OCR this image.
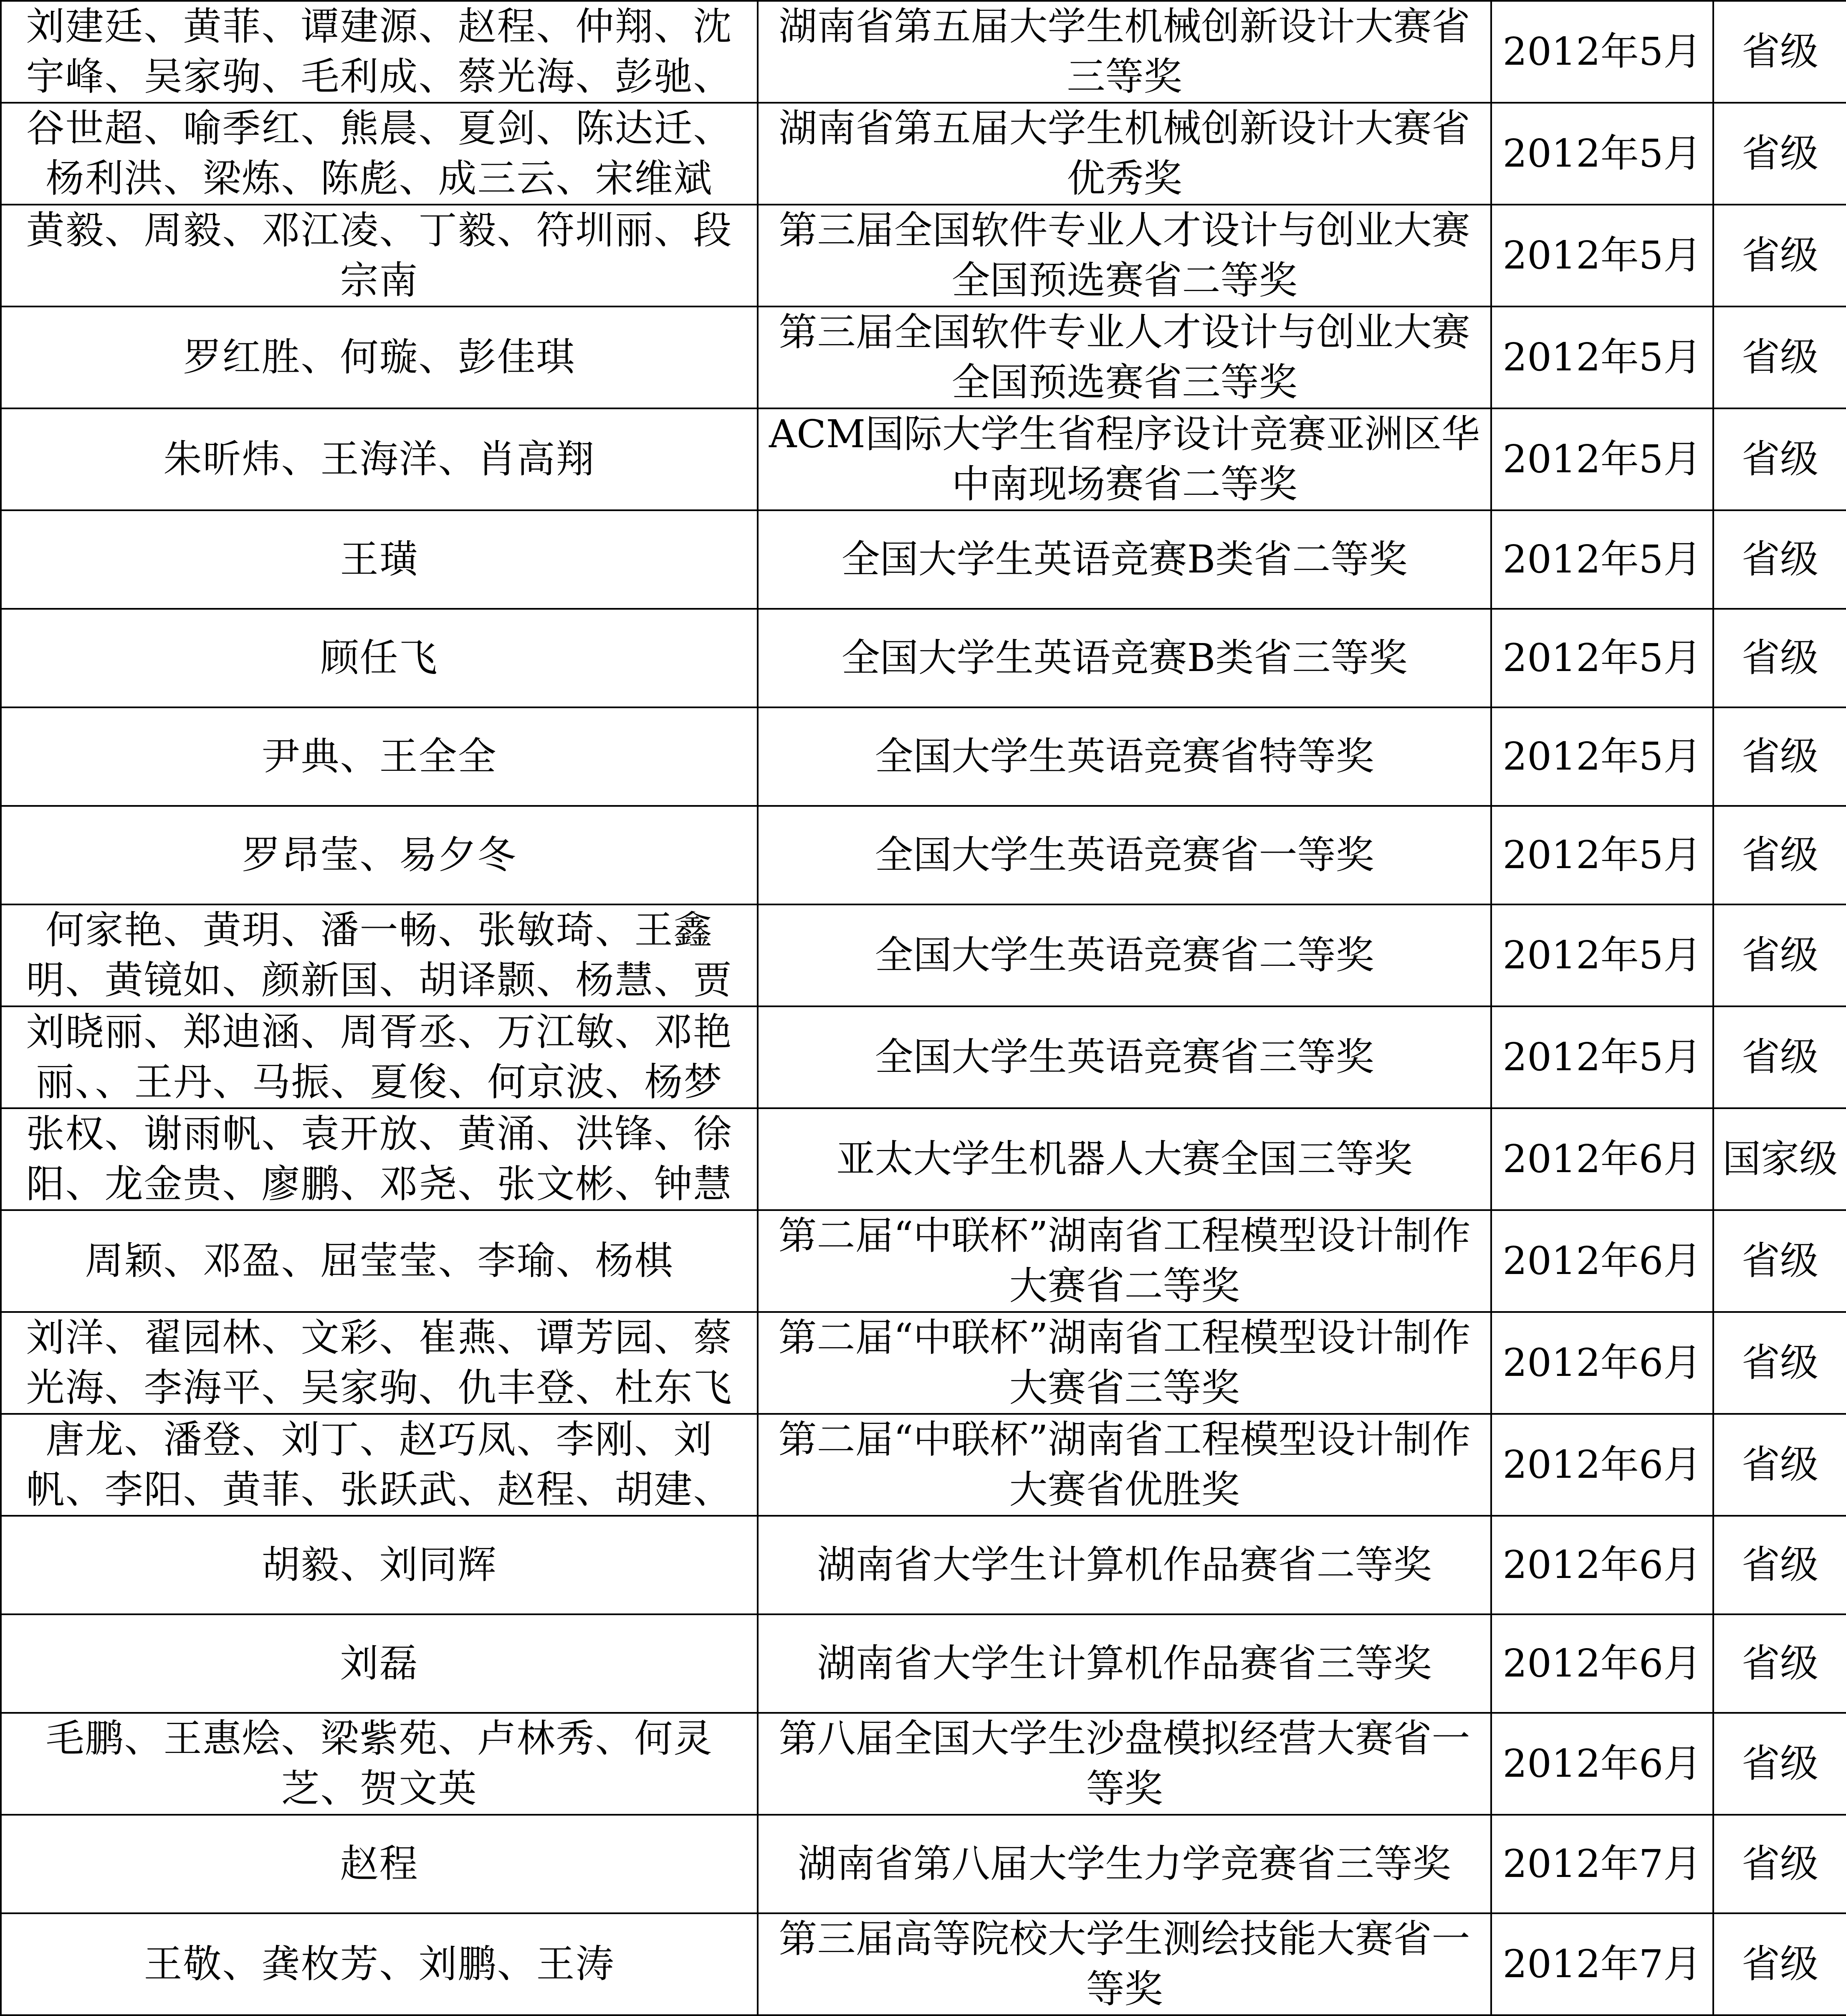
刘建廷、黄菲、谭建源、赵程、仲翔、沈宇峰、吴家驹、毛利成、蔡光海、彭驰、	湖南省第五届大学生机械创新设计大赛省三等奖	2012年5月	省级

谷世超、喻季红、熊晨、夏剑、陈达迁、杨利洪、梁炼、陈彪、成三云、宋维斌	湖南省第五届大学生机械创新设计大赛省优秀奖	2012年5月	省级

黄毅、周毅、邓江凌、丁毅、符圳丽、段宗南	第三届全国软件专业人才设计与创业大赛全国预选赛省二等奖	2012年5月	省级

罗红胜、何璇、彭佳琪	第三届全国软件专业人才设计与创业大赛全国预选赛省三等奖	2012年5月	省级

朱昕炜、王海洋、肖高翔	ACM国际大学生省程序设计竞赛亚洲区华中南现场赛省二等奖	2012年5月	省级

王璜	全国大学生英语竞赛B类省二等奖	2012年5月	省级

顾任飞	全国大学生英语竞赛B类省三等奖	2012年5月	省级

尹典、王全全	全国大学生英语竞赛省特等奖	2012年5月	省级

罗昂莹、易夕冬	全国大学生英语竞赛省一等奖	2012年5月	省级

何家艳、黄玥、潘一畅、张敏琦、王鑫明、黄镜如、颜新国、胡译颢、杨慧、贾	全国大学生英语竞赛省二等奖	2012年5月	省级

刘晓丽、郑迪涵、周胥丞、万江敏、邓艳丽、、王丹、马振、夏俊、何京波、杨梦	全国大学生英语竞赛省三等奖	2012年5月	省级

张权、谢雨帆、袁开放、黄涌、洪锋、徐阳、龙金贵、廖鹏、邓尧、张文彬、钟慧	亚太大学生机器人大赛全国三等奖	2012年6月	国家级

周颖、邓盈、屈莹莹、李瑜、杨棋	第二届“中联杯”湖南省工程模型设计制作大赛省二等奖	2012年6月	省级

刘洋、翟园林、文彩、崔燕、谭芳园、蔡光海、李海平、吴家驹、仇丰登、杜东飞	第二届“中联杯”湖南省工程模型设计制作大赛省三等奖	2012年6月	省级

唐龙、潘登、刘丁、赵巧凤、李刚、刘帆、李阳、黄菲、张跃武、赵程、胡建、	第二届“中联杯”湖南省工程模型设计制作大赛省优胜奖	2012年6月	省级

胡毅、刘同辉	湖南省大学生计算机作品赛省二等奖	2012年6月	省级

刘磊	湖南省大学生计算机作品赛省三等奖	2012年6月	省级

毛鹏、王惠烩、梁紫苑、卢林秀、何灵芝、贺文英	第八届全国大学生沙盘模拟经营大赛省一等奖	2012年6月	省级

赵程	湖南省第八届大学生力学竞赛省三等奖	2012年7月	省级

王敬、龚枚芳、刘鹏、王涛	第三届高等院校大学生测绘技能大赛省一等奖	2012年7月	省级
